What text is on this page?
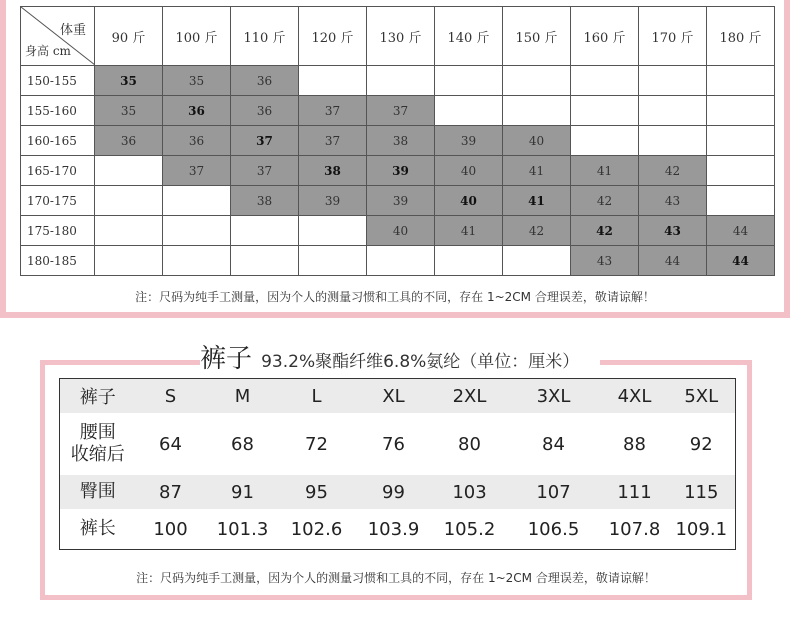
体重
身高 cm	90 斤	100 斤	110 斤	120 斤	130 斤	140 斤	150 斤	160 斤	170 斤	180 斤
150-155	35	35	36							
155-160	35	36	36	37	37					
160-165	36	36	37	37	38	39	40			
165-170		37	37	38	39	40	41	41	42	
170-175			38	39	39	40	41	42	43	
175-180					40	41	42	42	43	44
180-185								43	44	44
注：尺码为纯手工测量，因为个人的测量习惯和工具的不同，存在 1~2CM 合理误差，敬请谅解！
裤子 93.2%聚酯纤维6.8%氨纶（单位：厘米）
裤子	S	M	L	XL	2XL	3XL	4XL	5XL
腰围
收缩后	64	68	72	76	80	84	88	92
臀围	87	91	95	99	103	107	111	115
裤长	100	101.3	102.6	103.9	105.2	106.5	107.8	109.1
注：尺码为纯手工测量，因为个人的测量习惯和工具的不同，存在 1~2CM 合理误差，敬请谅解！
